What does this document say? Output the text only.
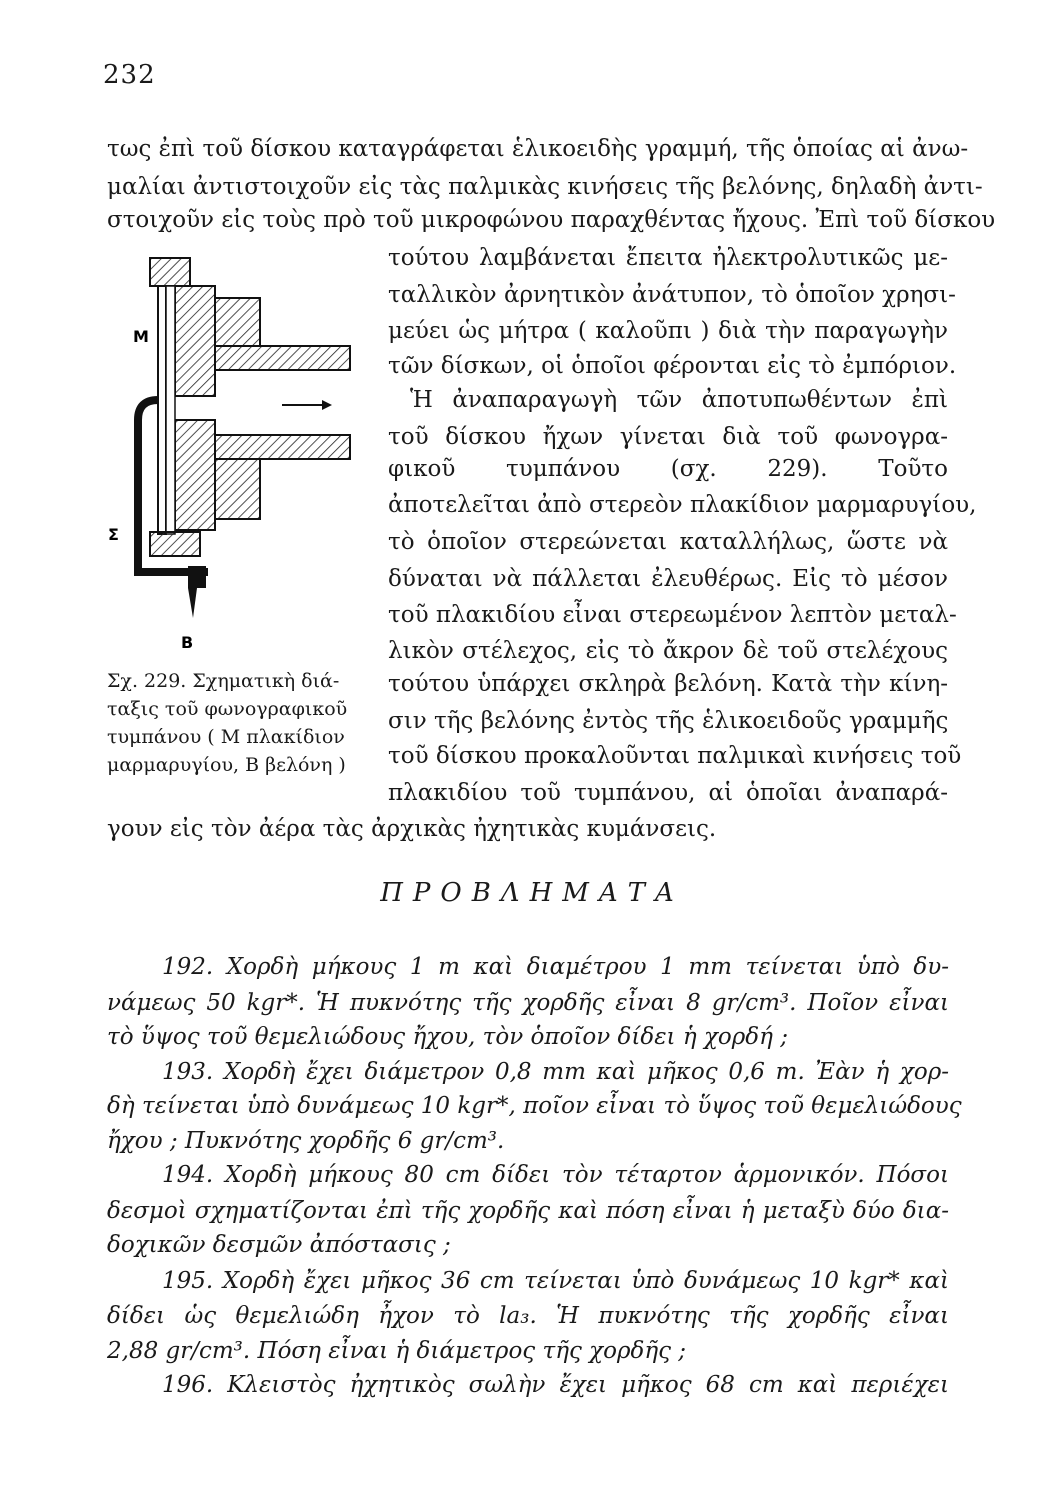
232
τως ἐπὶ τοῦ δίσκου καταγράφεται ἑλικοειδὴς γραμμή, τῆς ὁποίας αἱ ἀνω-
μαλίαι ἀντιστοιχοῦν εἰς τὰς παλμικὰς κινήσεις τῆς βελόνης, δηλαδὴ ἀντι-
στοιχοῦν εἰς τοὺς πρὸ τοῦ μικροφώνου παραχθέντας ἤχους. Ἐπὶ τοῦ δίσκου
Μ
Σ
Β
τούτου λαμβάνεται ἔπειτα ἠλεκτρολυτικῶς με-
ταλλικὸν ἀρνητικὸν ἀνάτυπον, τὸ ὁποῖον χρησι-
μεύει ὡς μήτρα ( καλοῦπι ) διὰ τὴν παραγωγὴν
τῶν δίσκων, οἱ ὁποῖοι φέρονται εἰς τὸ ἐμπόριον.
Ἡ ἀναπαραγωγὴ τῶν ἀποτυπωθέντων ἐπὶ
τοῦ δίσκου ἤχων γίνεται διὰ τοῦ φωνογρα-
φικοῦ τυμπάνου (σχ. 229). Τοῦτο
ἀποτελεῖται ἀπὸ στερεὸν πλακίδιον μαρμαρυγίου,
τὸ ὁποῖον στερεώνεται καταλλήλως, ὥστε νὰ
δύναται νὰ πάλλεται ἐλευθέρως. Εἰς τὸ μέσον
τοῦ πλακιδίου εἶναι στερεωμένον λεπτὸν μεταλ-
λικὸν στέλεχος, εἰς τὸ ἄκρον δὲ τοῦ στελέχους
τούτου ὑπάρχει σκληρὰ βελόνη. Κατὰ τὴν κίνη-
σιν τῆς βελόνης ἐντὸς τῆς ἑλικοειδοῦς γραμμῆς
τοῦ δίσκου προκαλοῦνται παλμικαὶ κινήσεις τοῦ
πλακιδίου τοῦ τυμπάνου, αἱ ὁποῖαι ἀναπαρά-
Σχ. 229. Σχηματικὴ διά-
ταξις τοῦ φωνογραφικοῦ
τυμπάνου ( Μ πλακίδιον
μαρμαρυγίου, Β βελόνη )
γουν εἰς τὸν ἀέρα τὰς ἀρχικὰς ἠχητικὰς κυμάνσεις.
ΠΡΟΒΛΗΜΑΤΑ
192. Χορδὴ μήκους 1 m καὶ διαμέτρου 1 mm τείνεται ὑπὸ δυ-
νάμεως 50 kgr*. Ἡ πυκνότης τῆς χορδῆς εἶναι 8 gr/cm³. Ποῖον εἶναι
τὸ ὕψος τοῦ θεμελιώδους ἤχου, τὸν ὁποῖον δίδει ἡ χορδή ;
193. Χορδὴ ἔχει διάμετρον 0,8 mm καὶ μῆκος 0,6 m. Ἐὰν ἡ χορ-
δὴ τείνεται ὑπὸ δυνάμεως 10 kgr*, ποῖον εἶναι τὸ ὕψος τοῦ θεμελιώδους
ἤχου ; Πυκνότης χορδῆς 6 gr/cm³.
194. Χορδὴ μήκους 80 cm δίδει τὸν τέταρτον ἁρμονικόν. Πόσοι
δεσμοὶ σχηματίζονται ἐπὶ τῆς χορδῆς καὶ πόση εἶναι ἡ μεταξὺ δύο δια-
δοχικῶν δεσμῶν ἀπόστασις ;
195. Χορδὴ ἔχει μῆκος 36 cm τείνεται ὑπὸ δυνάμεως 10 kgr* καὶ
δίδει ὡς θεμελιώδη ἦχον τὸ la₃. Ἡ πυκνότης τῆς χορδῆς εἶναι
2,88 gr/cm³. Πόση εἶναι ἡ διάμετρος τῆς χορδῆς ;
196. Κλειστὸς ἠχητικὸς σωλὴν ἔχει μῆκος 68 cm καὶ περιέχει
